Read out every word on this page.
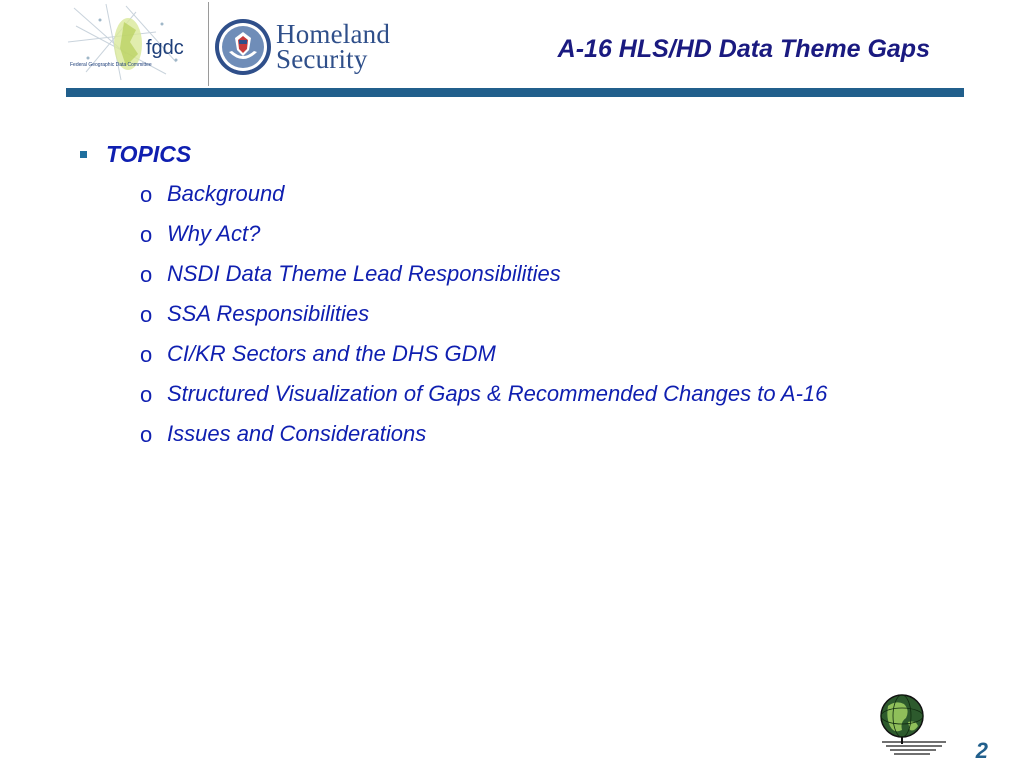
fgdc
Federal Geographic Data Committee
Homeland
Security	A-16 HLS/HD Data Theme Gaps
TOPICS
o Background
o Why Act?
o NSDI Data Theme Lead Responsibilities
o SSA Responsibilities
o CI/KR Sectors and the DHS GDM
o Structured Visualization of Gaps & Recommended Changes to A-16
o Issues and Considerations
2
